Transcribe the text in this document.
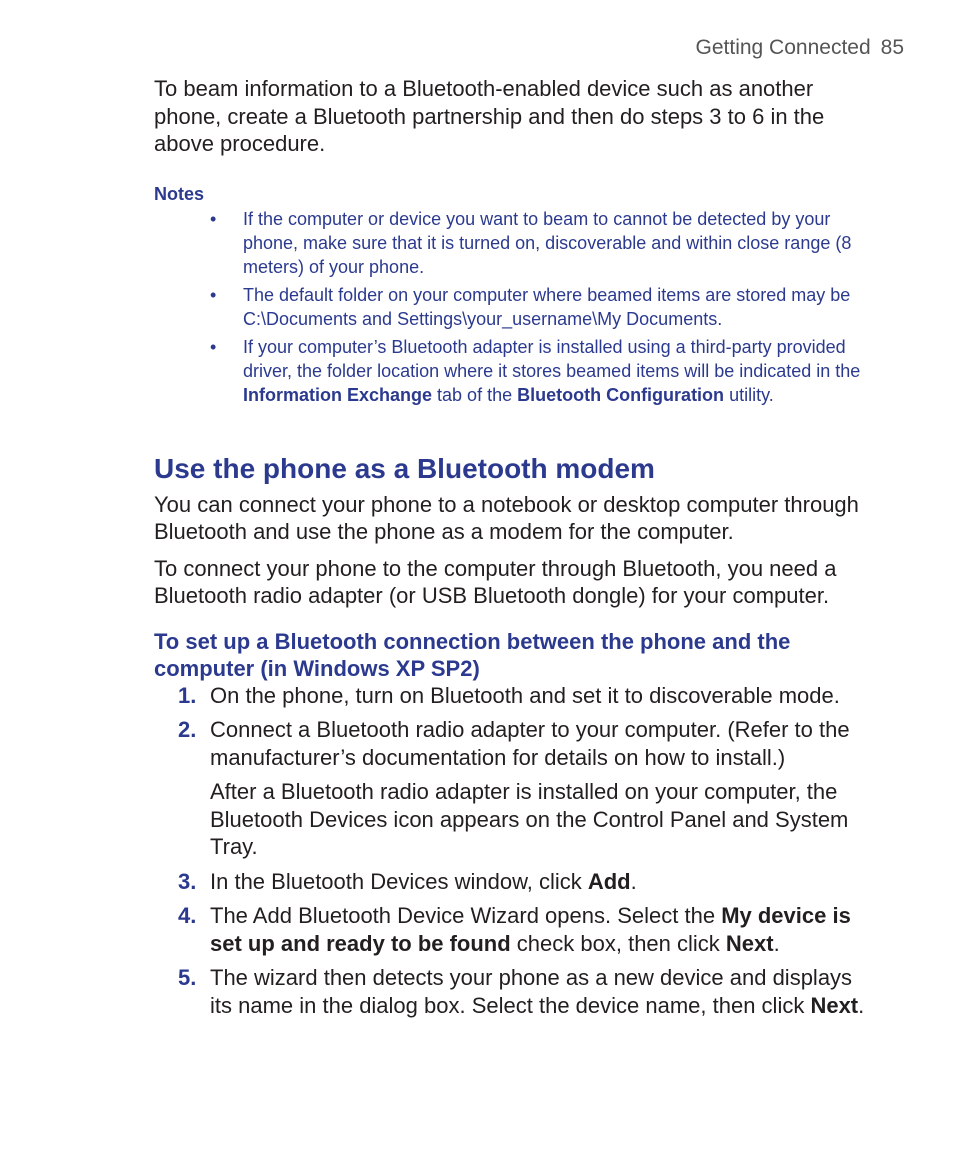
Getting Connected 85

To beam information to a Bluetooth-enabled device such as another phone, create a Bluetooth partnership and then do steps 3 to 6 in the above procedure.

Notes
• If the computer or device you want to beam to cannot be detected by your phone, make sure that it is turned on, discoverable and within close range (8 meters) of your phone.
• The default folder on your computer where beamed items are stored may be
C:\Documents and Settings\your_username\My Documents.
• If your computer’s Bluetooth adapter is installed using a third-party provided driver, the folder location where it stores beamed items will be indicated in the Information Exchange tab of the Bluetooth Configuration utility.
Use the phone as a Bluetooth modem

You can connect your phone to a notebook or desktop computer through Bluetooth and use the phone as a modem for the computer.

To connect your phone to the computer through Bluetooth, you need a Bluetooth radio adapter (or USB Bluetooth dongle) for your computer.

To set up a Bluetooth connection between the phone and the computer (in Windows XP SP2)
1. On the phone, turn on Bluetooth and set it to discoverable mode.
2. Connect a Bluetooth radio adapter to your computer. (Refer to the manufacturer’s documentation for details on how to install.)
After a Bluetooth radio adapter is installed on your computer, the Bluetooth Devices icon appears on the Control Panel and System Tray.
3. In the Bluetooth Devices window, click Add.
4. The Add Bluetooth Device Wizard opens. Select the My device is set up and ready to be found check box, then click Next.
5. The wizard then detects your phone as a new device and displays its name in the dialog box. Select the device name, then click Next.
